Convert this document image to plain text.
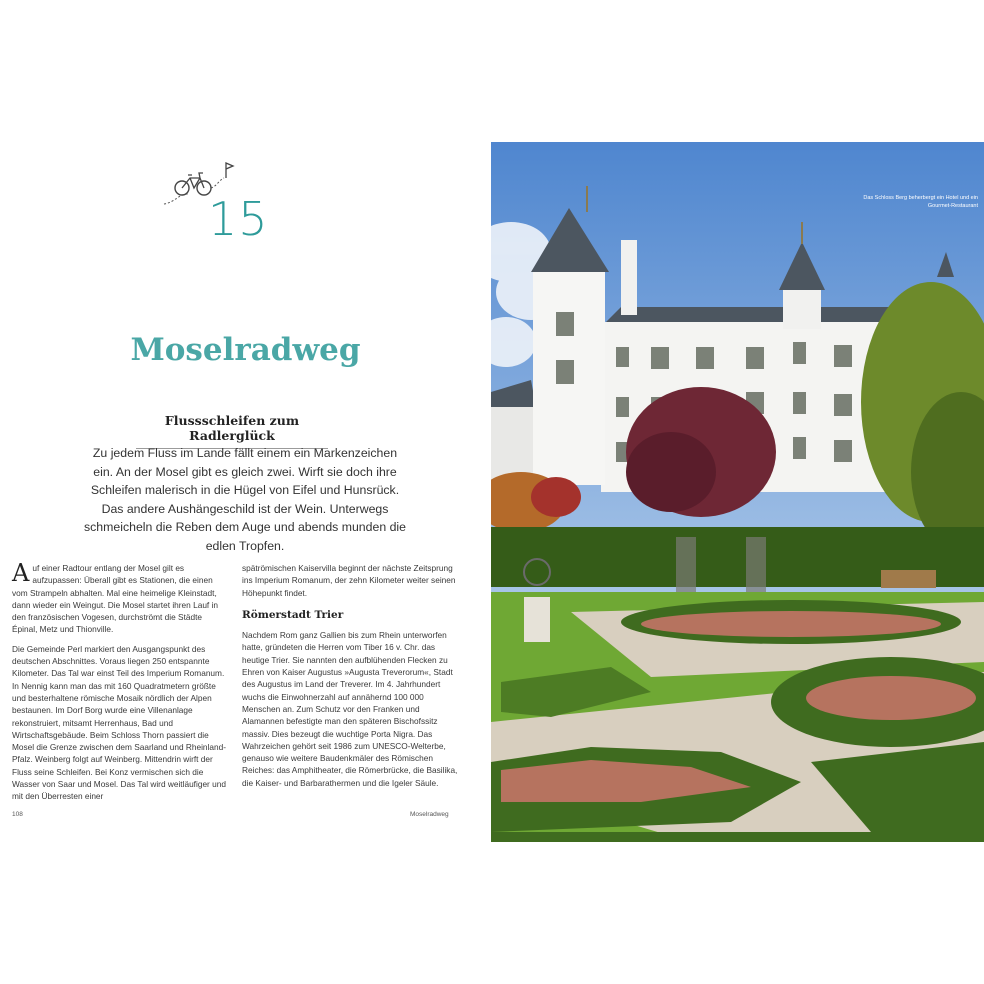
15
Moselradweg
Flussschleifen zum Radlerglück

Zu jedem Fluss im Lande fällt einem ein Markenzeichen ein. An der Mosel gibt es gleich zwei. Wirft sie doch ihre Schleifen malerisch in die Hügel von Eifel und Hunsrück. Das andere Aushängeschild ist der Wein. Unterwegs schmeicheln die Reben dem Auge und abends munden die edlen Tropfen.

Auf einer Radtour entlang der Mosel gilt es aufzupassen: Überall gibt es Stationen, die einen vom Strampeln abhalten. Mal eine heimelige Kleinstadt, dann wieder ein Weingut. Die Mosel startet ihren Lauf in den französischen Vogesen, durchströmt die Städte Épinal, Metz und Thionville.

Die Gemeinde Perl markiert den Ausgangspunkt des deutschen Abschnittes. Voraus liegen 250 entspannte Kilometer. Das Tal war einst Teil des Imperium Romanum. In Nennig kann man das mit 160 Quadratmetern größte und besterhaltene römische Mosaik nördlich der Alpen bestaunen. Im Dorf Borg wurde eine Villenanlage rekonstruiert, mitsamt Herrenhaus, Bad und Wirtschaftsgebäude. Beim Schloss Thorn passiert die Mosel die Grenze zwischen dem Saarland und Rheinland-Pfalz. Weinberg folgt auf Weinberg. Mittendrin wirft der Fluss seine Schleifen. Bei Konz vermischen sich die Wasser von Saar und Mosel. Das Tal wird weitläufiger und mit den Überresten einer

spätrömischen Kaiservilla beginnt der nächste Zeitsprung ins Imperium Romanum, der zehn Kilometer weiter seinen Höhepunkt findet.

Römerstadt Trier

Nachdem Rom ganz Gallien bis zum Rhein unterworfen hatte, gründeten die Herren vom Tiber 16 v. Chr. das heutige Trier. Sie nannten den aufblühenden Flecken zu Ehren von Kaiser Augustus »Augusta Treverorum«, Stadt des Augustus im Land der Treverer. Im 4. Jahrhundert wuchs die Einwohnerzahl auf annähernd 100 000 Menschen an. Zum Schutz vor den Franken und Alamannen befestigte man den späteren Bischofssitz massiv. Dies bezeugt die wuchtige Porta Nigra. Das Wahrzeichen gehört seit 1986 zum UNESCO-Welterbe, genauso wie weitere Baudenkmäler des Römischen Reiches: das Amphitheater, die Römerbrücke, die Basilika, die Kaiser- und Barbarathermen und die Igeler Säule.

108	Moselradweg
Das Schloss Berg beherbergt ein Hotel und ein Gourmet-Restaurant
